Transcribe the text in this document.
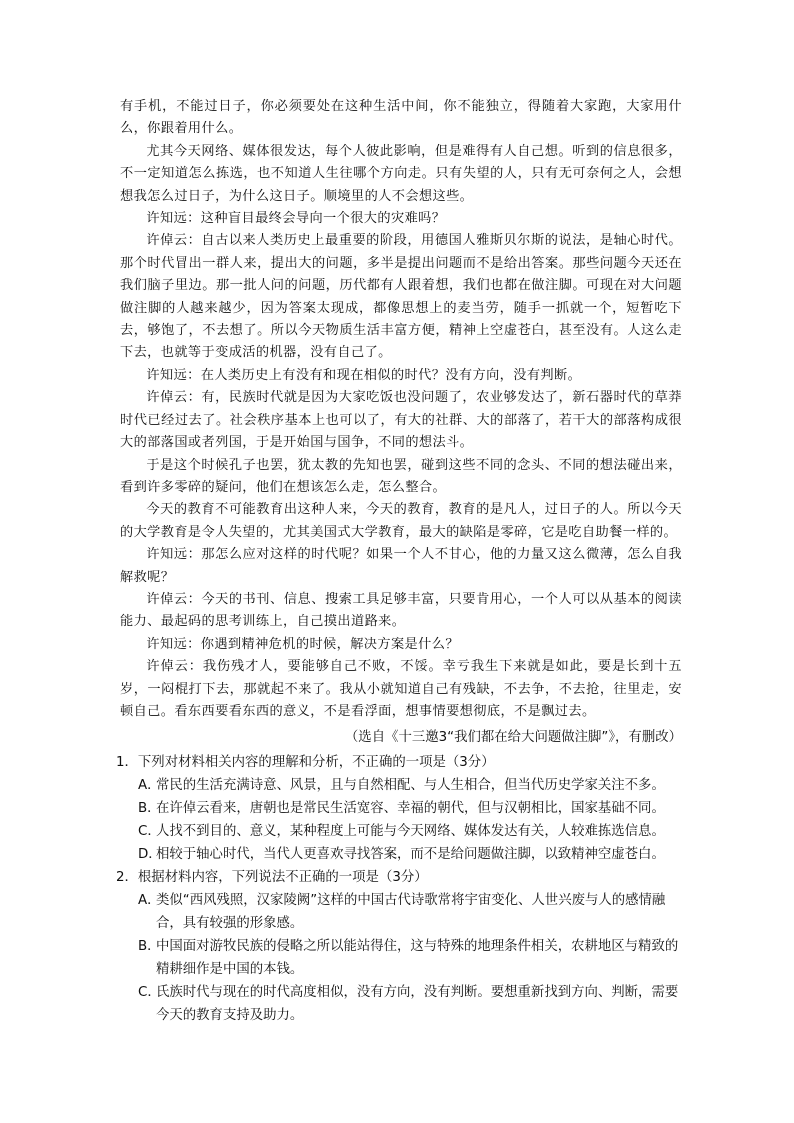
有手机，不能过日子，你必须要处在这种生活中间，你不能独立，得随着大家跑，大家用什么，你跟着用什么。

尤其今天网络、媒体很发达，每个人彼此影响，但是难得有人自己想。听到的信息很多，不一定知道怎么拣选，也不知道人生往哪个方向走。只有失望的人，只有无可奈何之人，会想想我怎么过日子，为什么这日子。顺境里的人不会想这些。

许知远：这种盲目最终会导向一个很大的灾难吗？

许倬云：自古以来人类历史上最重要的阶段，用德国人雅斯贝尔斯的说法，是轴心时代。那个时代冒出一群人来，提出大的问题，多半是提出问题而不是给出答案。那些问题今天还在我们脑子里边。那一批人问的问题，历代都有人跟着想，我们也都在做注脚。可现在对大问题做注脚的人越来越少，因为答案太现成，都像思想上的麦当劳，随手一抓就一个，短暂吃下去，够饱了，不去想了。所以今天物质生活丰富方便，精神上空虚苍白，甚至没有。人这么走下去，也就等于变成活的机器，没有自己了。

许知远：在人类历史上有没有和现在相似的时代？没有方向，没有判断。

许倬云：有，民族时代就是因为大家吃饭也没问题了，农业够发达了，新石器时代的草莽时代已经过去了。社会秩序基本上也可以了，有大的社群、大的部落了，若干大的部落构成很大的部落国或者列国，于是开始国与国争，不同的想法斗。

于是这个时候孔子也罢，犹太教的先知也罢，碰到这些不同的念头、不同的想法碰出来，看到许多零碎的疑问，他们在想该怎么走，怎么整合。

今天的教育不可能教育出这种人来，今天的教育，教育的是凡人，过日子的人。所以今天的大学教育是令人失望的，尤其美国式大学教育，最大的缺陷是零碎，它是吃自助餐一样的。

许知远：那怎么应对这样的时代呢？如果一个人不甘心，他的力量又这么微薄，怎么自我解救呢？

许倬云：今天的书刊、信息、搜索工具足够丰富，只要肯用心，一个人可以从基本的阅读能力、最起码的思考训练上，自己摸出道路来。

许知远：你遇到精神危机的时候，解决方案是什么？

许倬云：我伤残才人，要能够自己不败，不馁。幸亏我生下来就是如此，要是长到十五岁，一闷棍打下去，那就起不来了。我从小就知道自己有残缺，不去争，不去抢，往里走，安顿自己。看东西要看东西的意义，不是看浮面，想事情要想彻底，不是飘过去。

（选自《十三邀3“我们都在给大问题做注脚”》，有删改）

1．下列对材料相关内容的理解和分析，不正确的一项是（3分）

A．常民的生活充满诗意、风景，且与自然相配、与人生相合，但当代历史学家关注不多。

B．在许倬云看来，唐朝也是常民生活宽容、幸福的朝代，但与汉朝相比，国家基础不同。

C．人找不到目的、意义，某种程度上可能与今天网络、媒体发达有关，人较难拣选信息。

D．相较于轴心时代，当代人更喜欢寻找答案，而不是给问题做注脚，以致精神空虚苍白。

2．根据材料内容，下列说法不正确的一项是（3分）

A．类似“西风残照，汉家陵阙”这样的中国古代诗歌常将宇宙变化、人世兴废与人的感情融合，具有较强的形象感。

B．中国面对游牧民族的侵略之所以能站得住，这与特殊的地理条件相关，农耕地区与精致的精耕细作是中国的本钱。

C．氏族时代与现在的时代高度相似，没有方向，没有判断。要想重新找到方向、判断，需要今天的教育支持及助力。
